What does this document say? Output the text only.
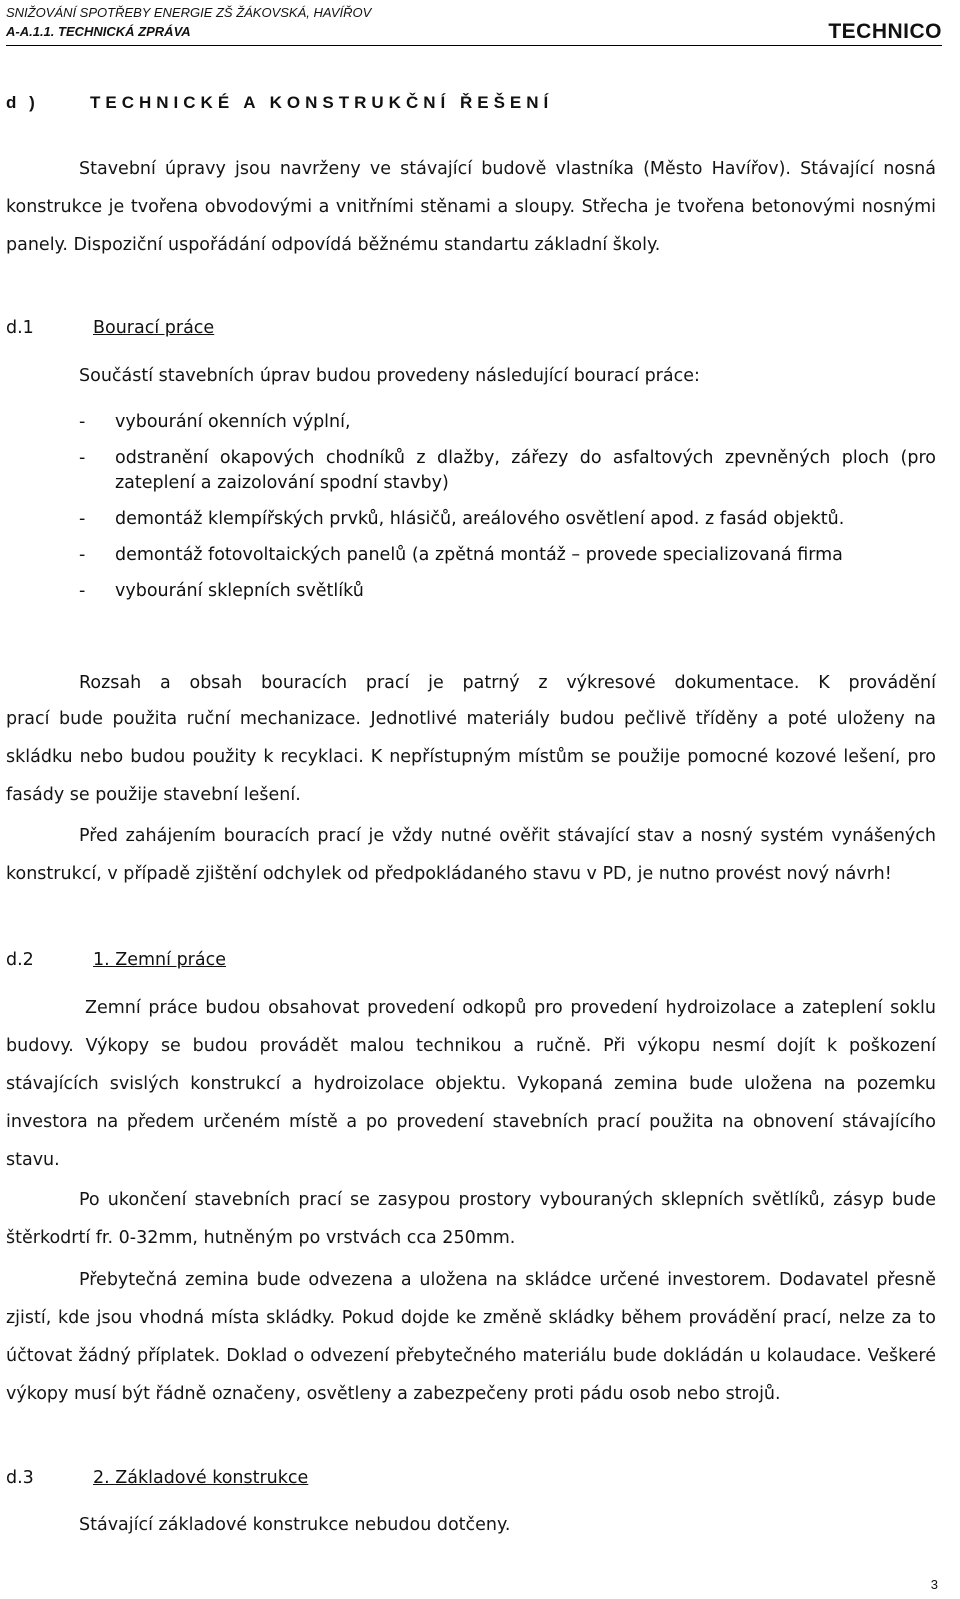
SNIŽOVÁNÍ SPOTŘEBY ENERGIE ZŠ ŽÁKOVSKÁ, HAVÍŘOV
A-A.1.1. TECHNICKÁ ZPRÁVA	TECHNICO
d )	TECHNICKÉ A KONSTRUKČNÍ ŘEŠENÍ

Stavební úpravy jsou navrženy ve stávající budově vlastníka (Město Havířov). Stávající nosná konstrukce je tvořena obvodovými a vnitřními stěnami a sloupy. Střecha je tvořena betonovými nosnými panely. Dispoziční uspořádání odpovídá běžnému standartu základní školy.

d.1	Bourací práce
Součástí stavebních úprav budou provedeny následující bourací práce:
- vybourání okenních výplní,
- odstranění okapových chodníků z dlažby, zářezy do asfaltových zpevněných ploch (pro zateplení a zaizolování spodní stavby)
- demontáž klempířských prvků, hlásičů, areálového osvětlení apod. z fasád objektů.
- demontáž fotovoltaických panelů (a zpětná montáž – provede specializovaná firma
- vybourání sklepních světlíků
Rozsah a obsah bouracích prací je patrný z výkresové dokumentace. K provádění

prací bude použita ruční mechanizace. Jednotlivé materiály budou pečlivě tříděny a poté uloženy na skládku nebo budou použity k recyklaci. K nepřístupným místům se použije pomocné kozové lešení, pro fasády se použije stavební lešení.

Před zahájením bouracích prací je vždy nutné ověřit stávající stav a nosný systém vynášených konstrukcí, v případě zjištění odchylek od předpokládaného stavu v PD, je nutno provést nový návrh!

d.2	1. Zemní práce

Zemní práce budou obsahovat provedení odkopů pro provedení hydroizolace a zateplení soklu budovy. Výkopy se budou provádět malou technikou a ručně. Při výkopu nesmí dojít k poškození stávajících svislých konstrukcí a hydroizolace objektu. Vykopaná zemina bude uložena na pozemku investora na předem určeném místě a po provedení stavebních prací použita na obnovení stávajícího stavu.

Po ukončení stavebních prací se zasypou prostory vybouraných sklepních světlíků, zásyp bude štěrkodrtí fr. 0-32mm, hutněným po vrstvách cca 250mm.

Přebytečná zemina bude odvezena a uložena na skládce určené investorem. Dodavatel přesně zjistí, kde jsou vhodná místa skládky. Pokud dojde ke změně skládky během provádění prací, nelze za to účtovat žádný příplatek. Doklad o odvezení přebytečného materiálu bude dokládán u kolaudace. Veškeré výkopy musí být řádně označeny, osvětleny a zabezpečeny proti pádu osob nebo strojů.

d.3	2. Základové konstrukce
Stávající základové konstrukce nebudou dotčeny.
3
